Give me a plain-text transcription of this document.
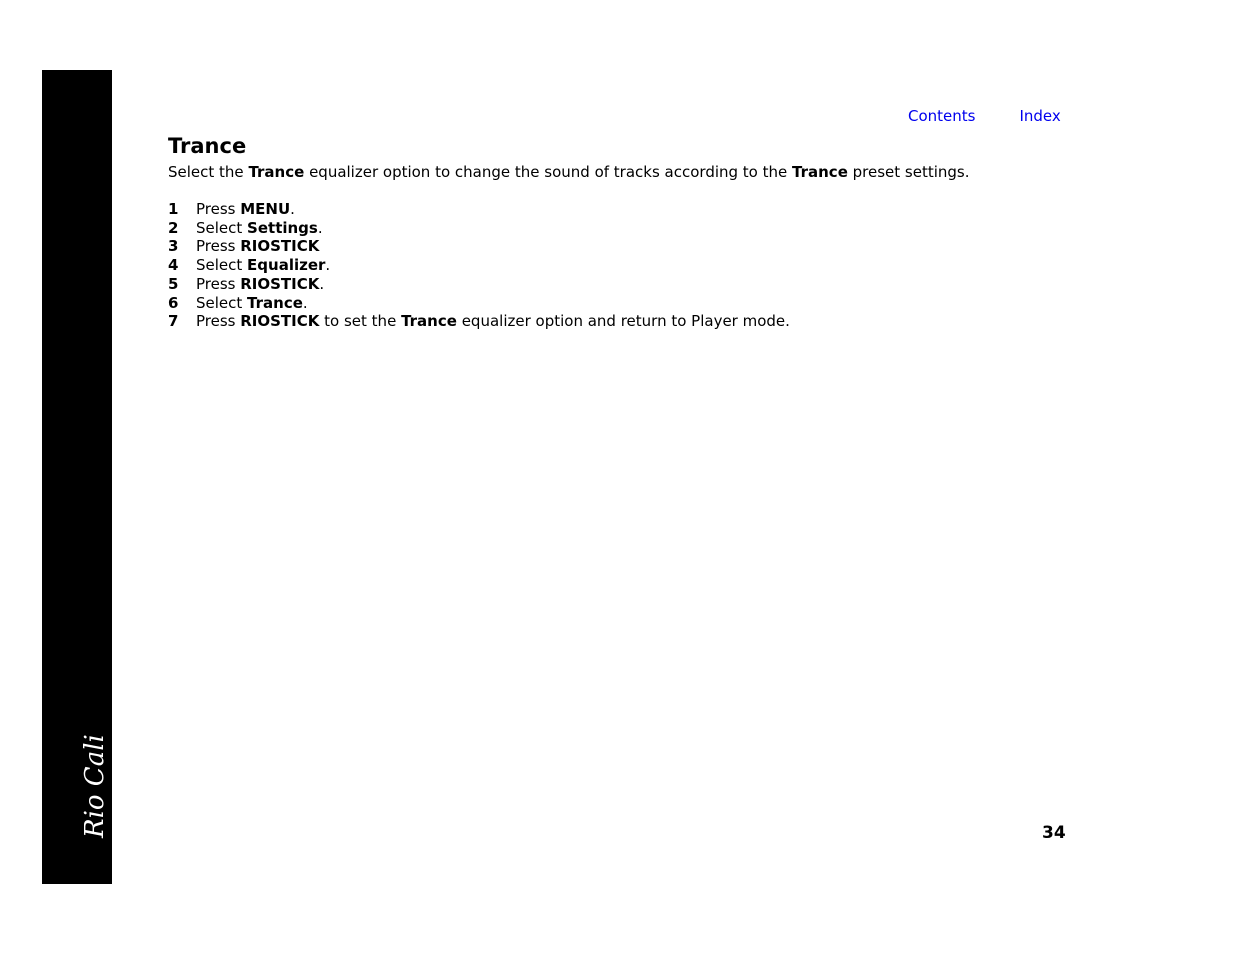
Rio Cali
Contents	Index
Trance

Select the Trance equalizer option to change the sound of tracks according to the Trance preset settings.

1 Press MENU.
2 Select Settings.
3 Press RIOSTICK
4 Select Equalizer.
5 Press RIOSTICK.
6 Select Trance.
7 Press RIOSTICK to set the Trance equalizer option and return to Player mode.
34
